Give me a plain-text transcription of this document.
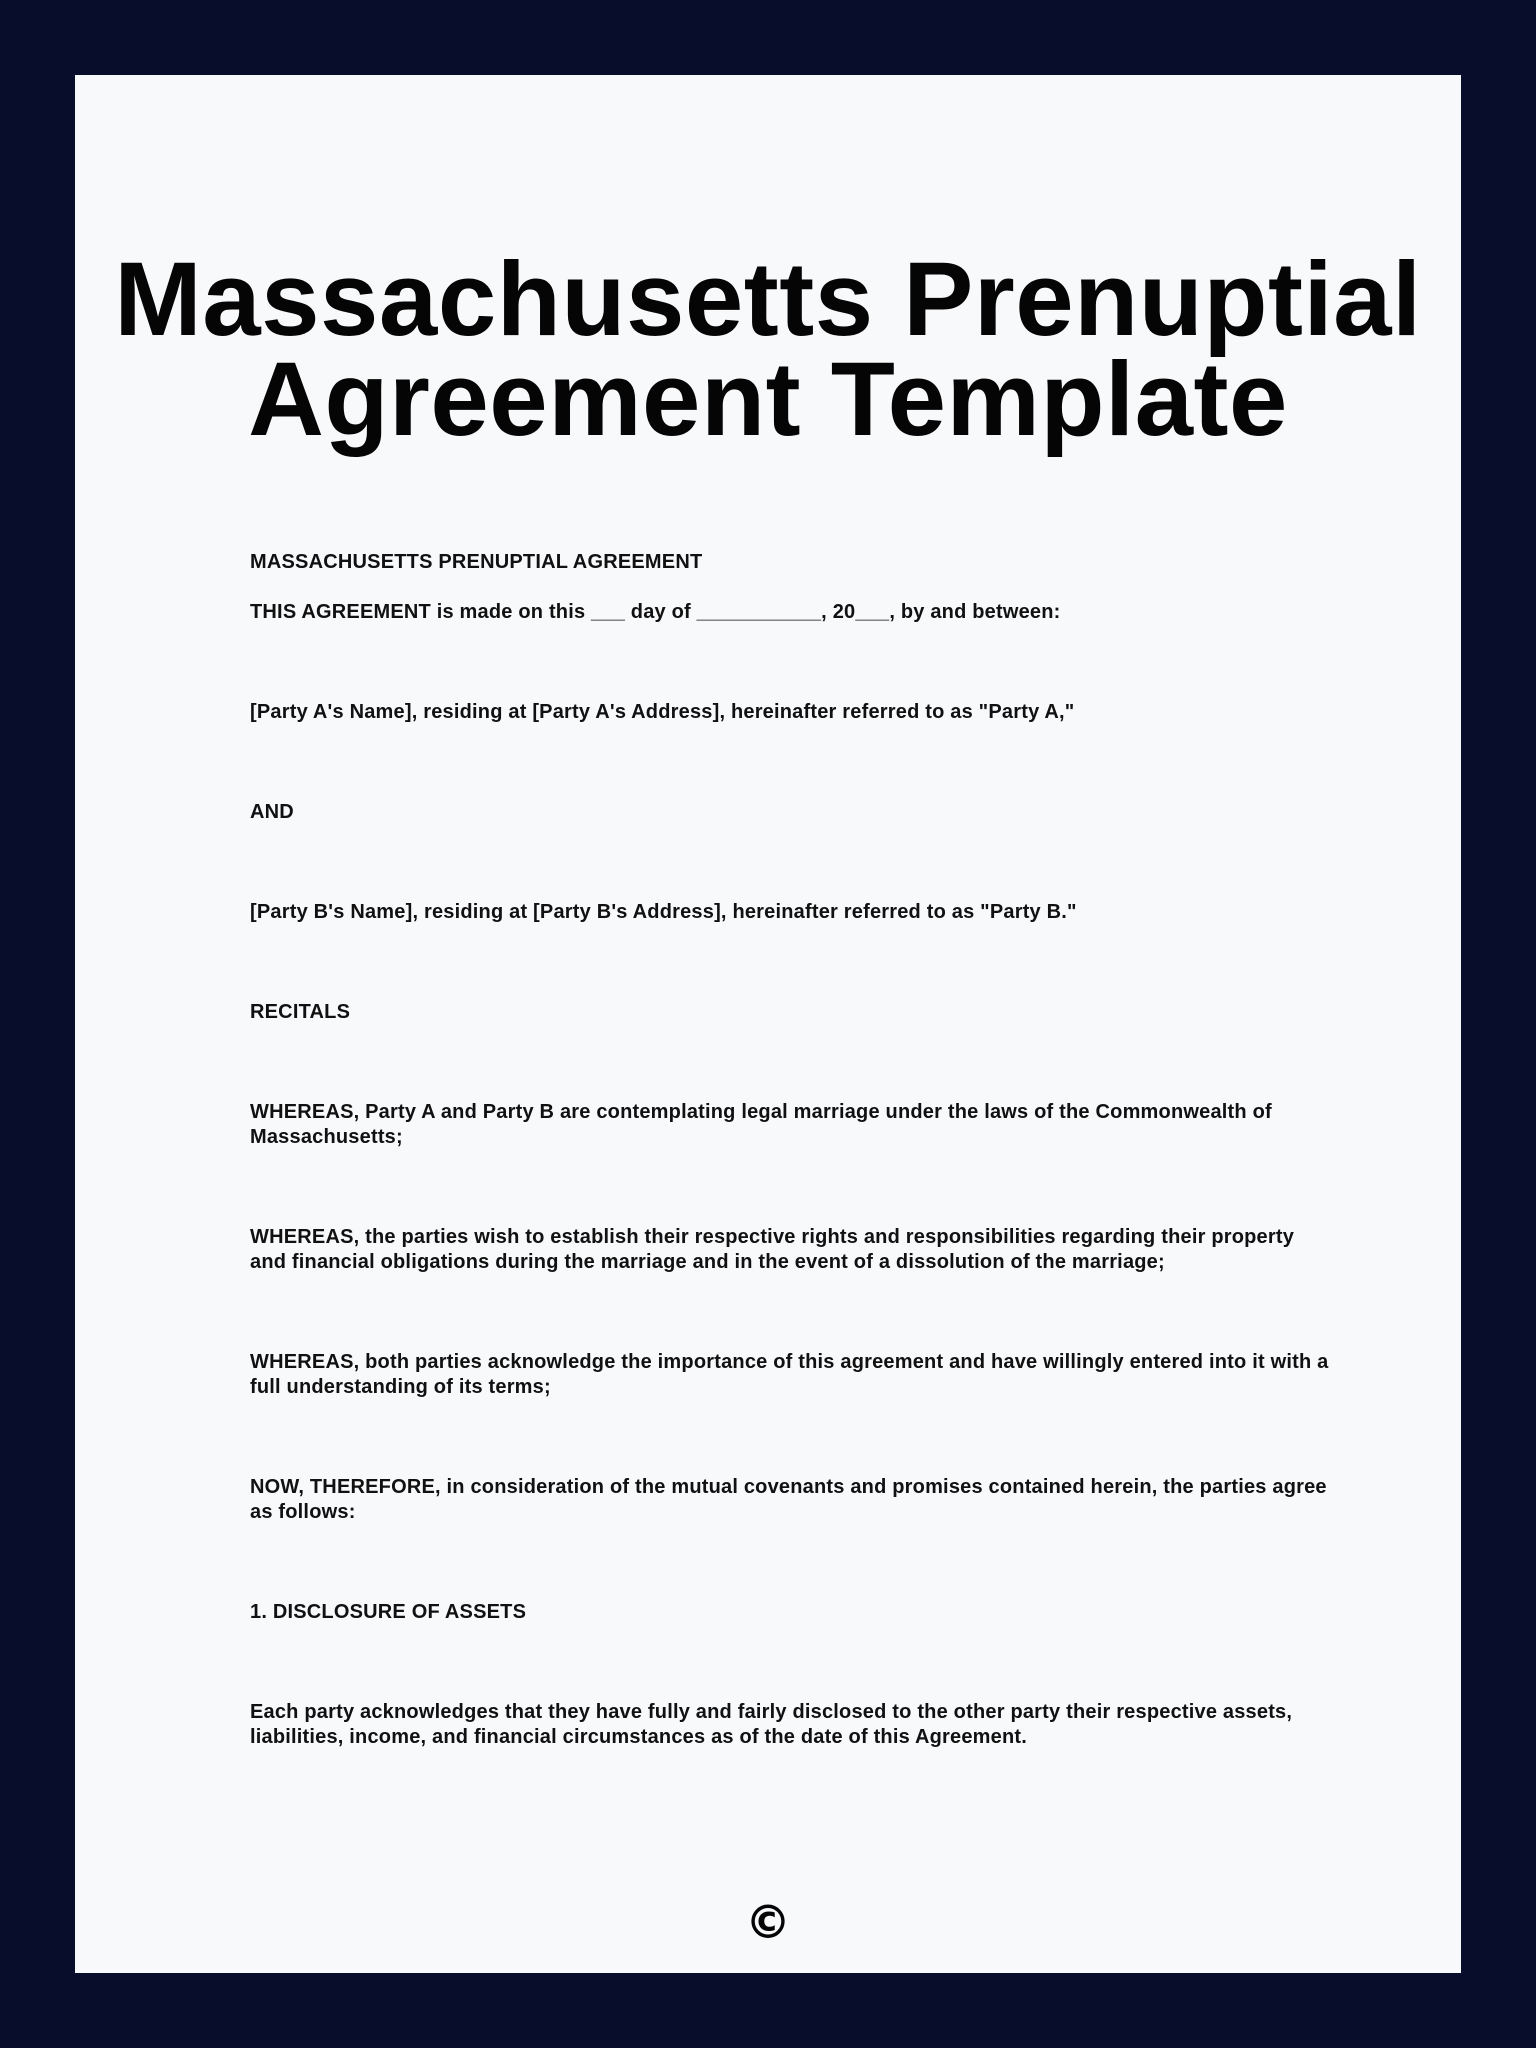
Massachusetts Prenuptial
Agreement Template

MASSACHUSETTS PRENUPTIAL AGREEMENT

THIS AGREEMENT is made on this ___ day of ___________, 20___, by and between:

[Party A's Name], residing at [Party A's Address], hereinafter referred to as "Party A,"

AND

[Party B's Name], residing at [Party B's Address], hereinafter referred to as "Party B."

RECITALS

WHEREAS, Party A and Party B are contemplating legal marriage under the laws of the Commonwealth of Massachusetts;

WHEREAS, the parties wish to establish their respective rights and responsibilities regarding their property and financial obligations during the marriage and in the event of a dissolution of the marriage;

WHEREAS, both parties acknowledge the importance of this agreement and have willingly entered into it with a full understanding of its terms;

NOW, THEREFORE, in consideration of the mutual covenants and promises contained herein, the parties agree as follows:

1. DISCLOSURE OF ASSETS

Each party acknowledges that they have fully and fairly disclosed to the other party their respective assets, liabilities, income, and financial circumstances as of the date of this Agreement.

©
